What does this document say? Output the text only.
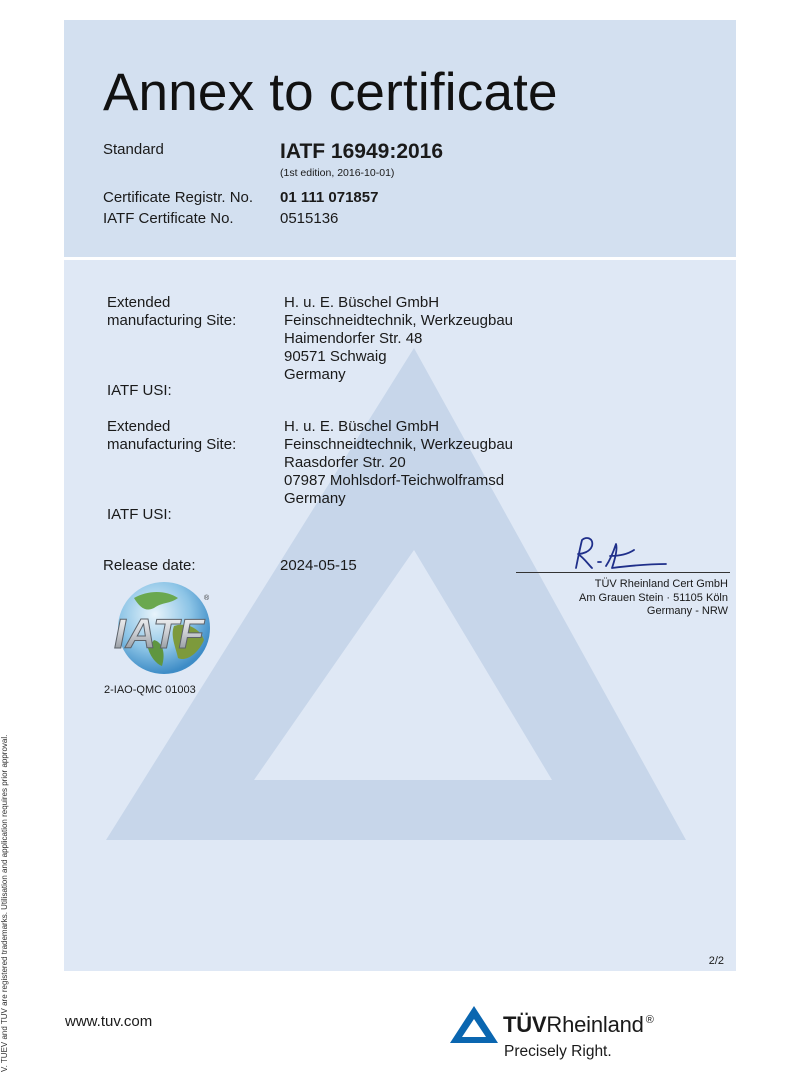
Annex to certificate
Standard	IATF 16949:2016
(1st edition, 2016-10-01)
Certificate Registr. No. 01 111 071857
IATF Certificate No.	0515136
Extended
manufacturing Site:
H. u. E. Büschel GmbH
Feinschneidtechnik, Werkzeugbau
Haimendorfer Str. 48
90571 Schwaig
Germany
IATF USI:
Extended
manufacturing Site:
H. u. E. Büschel GmbH
Feinschneidtechnik, Werkzeugbau
Raasdorfer Str. 20
07987 Mohlsdorf-Teichwolframsd
Germany
IATF USI:
Release date:	2024-05-15
TÜV Rheinland Cert GmbH
Am Grauen Stein · 51105 Köln
Germany - NRW
IATF
®
2-IAO-QMC 01003
2/2
V. TUEV and TUV are registered trademarks. Utilisation and application requires prior approval.	www.tuv.com	TÜVRheinland ®
Precisely Right.
